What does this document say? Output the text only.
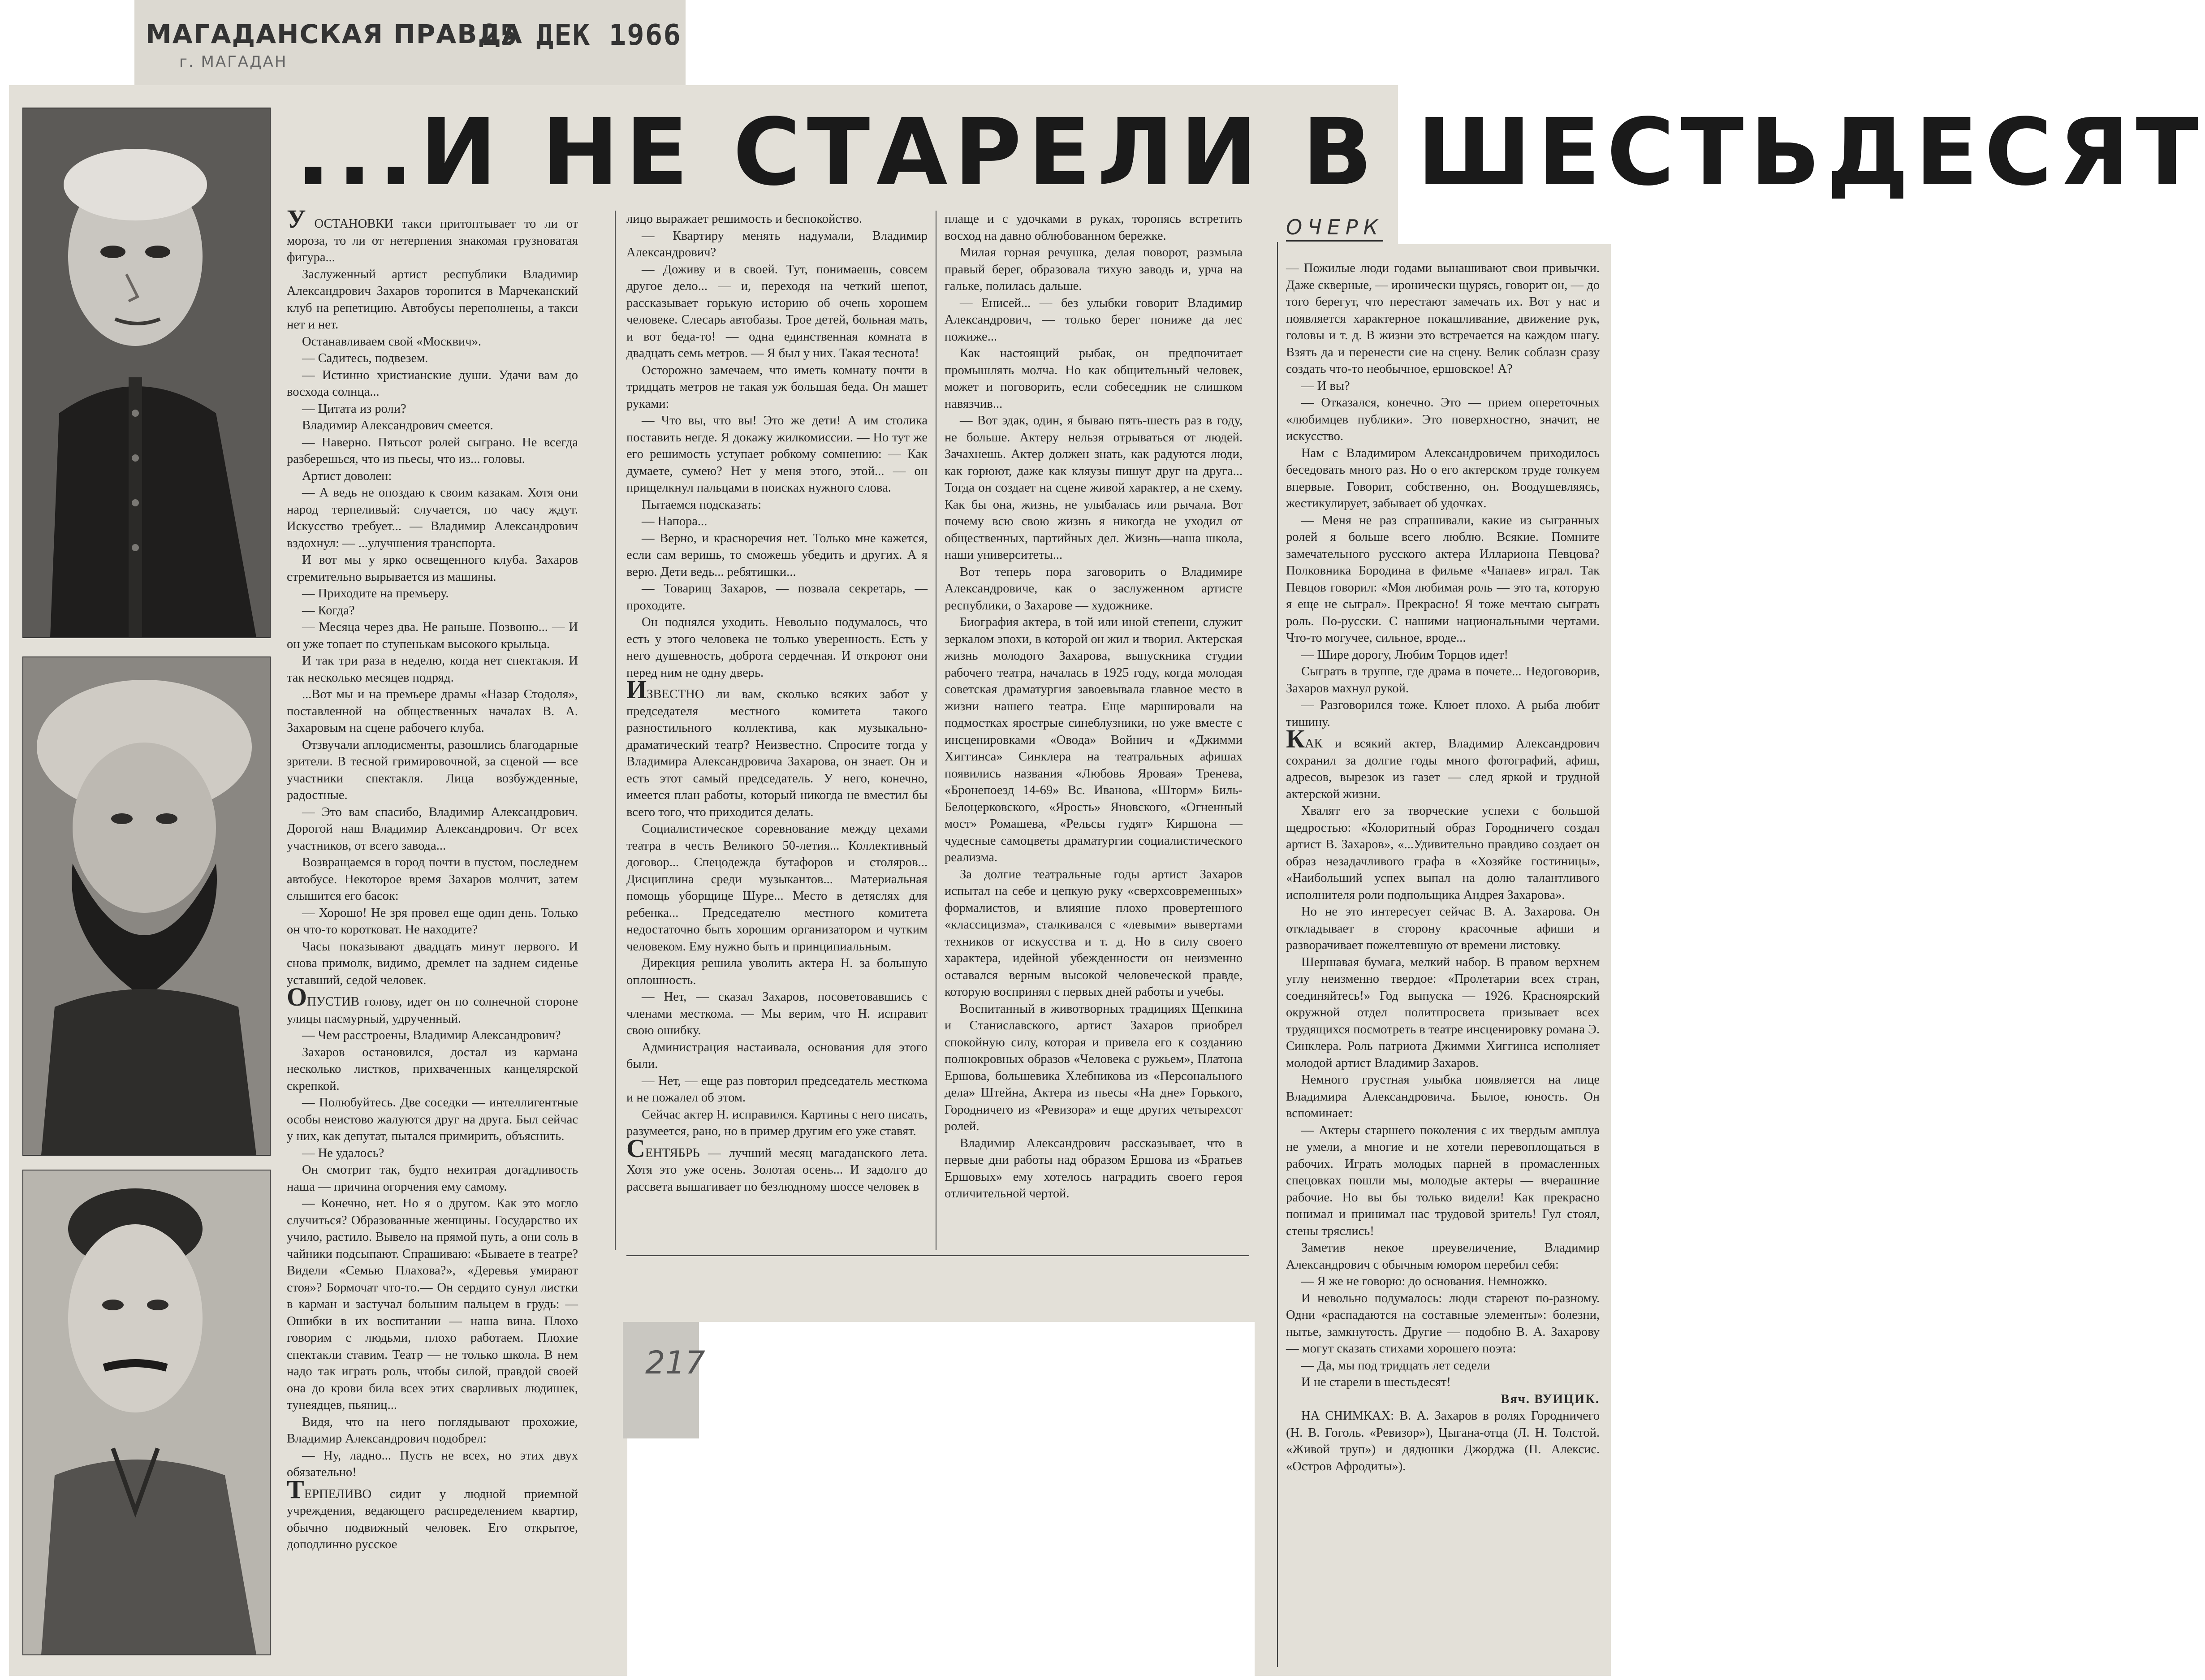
МАГАДАНСКАЯ ПРАВДА
г. МАГАДАН
25 ДЕК 1966
217
...И НЕ СТАРЕЛИ В ШЕСТЬДЕСЯТ
ОЧЕРК

У ОСТАНОВКИ такси притоптывает то ли от мороза, то ли от нетерпения знакомая грузноватая фигура...

Заслуженный артист республики Владимир Александрович Захаров торопится в Марчеканский клуб на репетицию. Автобусы переполнены, а такси нет и нет.

Останавливаем свой «Москвич».

— Садитесь, подвезем.

— Истинно христианские души. Удачи вам до восхода солнца...

— Цитата из роли?

Владимир Александрович смеется.

— Наверно. Пятьсот ролей сыграно. Не всегда разберешься, что из пьесы, что из... головы.

Артист доволен:

— А ведь не опоздаю к своим казакам. Хотя они народ терпеливый: случается, по часу ждут. Искусство требует... — Владимир Александрович вздохнул: — ...улучшения транспорта.

И вот мы у ярко освещенного клуба. Захаров стремительно вырывается из машины.

— Приходите на премьеру.

— Когда?

— Месяца через два. Не раньше. Позвоню... — И он уже топает по ступенькам высокого крыльца.

И так три раза в неделю, когда нет спектакля. И так несколько месяцев подряд.

...Вот мы и на премьере драмы «Назар Стодоля», поставленной на общественных началах В. А. Захаровым на сцене рабочего клуба.

Отзвучали аплодисменты, разошлись благодарные зрители. В тесной гримировочной, за сценой — все участники спектакля. Лица возбужденные, радостные.

— Это вам спасибо, Владимир Александрович. Дорогой наш Владимир Александрович. От всех участников, от всего завода...

Возвращаемся в город почти в пустом, последнем автобусе. Некоторое время Захаров молчит, затем слышится его басок:

— Хорошо! Не зря провел еще один день. Только он что-то коротковат. Не находите?

Часы показывают двадцать минут первого. И снова примолк, видимо, дремлет на заднем сиденье уставший, седой человек.

ОПУСТИВ голову, идет он по солнечной стороне улицы пасмурный, удрученный.

— Чем расстроены, Владимир Александрович?

Захаров остановился, достал из кармана несколько листков, прихваченных канцелярской скрепкой.

— Полюбуйтесь. Две соседки — интеллигентные особы неистово жалуются друг на друга. Был сейчас у них, как депутат, пытался примирить, объяснить.

— Не удалось?

Он смотрит так, будто нехитрая догадливость наша — причина огорчения ему самому.

— Конечно, нет. Но я о другом. Как это могло случиться? Образованные женщины. Государство их учило, растило. Вывело на прямой путь, а они соль в чайники подсыпают. Спрашиваю: «Бываете в театре? Видели «Семью Плахова?», «Деревья умирают стоя»? Бормочат что-то.— Он сердито сунул листки в карман и застучал большим пальцем в грудь: — Ошибки в их воспитании — наша вина. Плохо говорим с людьми, плохо работаем. Плохие спектакли ставим. Театр — не только школа. В нем надо так играть роль, чтобы силой, правдой своей она до крови била всех этих сварливых людишек, тунеядцев, пьяниц...

Видя, что на него поглядывают прохожие, Владимир Александрович подобрел:

— Ну, ладно... Пусть не всех, но этих двух обязательно!

ТЕРПЕЛИВО сидит у людной приемной учреждения, ведающего распределением квартир, обычно подвижный человек. Его открытое, доподлинно русское

лицо выражает решимость и беспокойство.

— Квартиру менять надумали, Владимир Александрович?

— Доживу и в своей. Тут, понимаешь, совсем другое дело... — и, переходя на четкий шепот, рассказывает горькую историю об очень хорошем человеке. Слесарь автобазы. Трое детей, больная мать, и вот беда-то! — одна единственная комната в двадцать семь метров. — Я был у них. Такая теснота!

Осторожно замечаем, что иметь комнату почти в тридцать метров не такая уж большая беда. Он машет руками:

— Что вы, что вы! Это же дети! А им столика поставить негде. Я докажу жилкомиссии. — Но тут же его решимость уступает робкому сомнению: — Как думаете, сумею? Нет у меня этого, этой... — он прищелкнул пальцами в поисках нужного слова.

Пытаемся подсказать:

— Напора...

— Верно, и красноречия нет. Только мне кажется, если сам веришь, то сможешь убедить и других. А я верю. Дети ведь... ребятишки...

— Товарищ Захаров, — позвала секретарь, — проходите.

Он поднялся уходить. Невольно подумалось, что есть у этого человека не только уверенность. Есть у него душевность, доброта сердечная. И откроют они перед ним не одну дверь.

ИЗВЕСТНО ли вам, сколько всяких забот у председателя местного комитета такого разностильного коллектива, как музыкально-драматический театр? Неизвестно. Спросите тогда у Владимира Александровича Захарова, он знает. Он и есть этот самый председатель. У него, конечно, имеется план работы, который никогда не вместил бы всего того, что приходится делать.

Социалистическое соревнование между цехами театра в честь Великого 50-летия... Коллективный договор... Спецодежда бутафоров и столяров... Дисциплина среди музыкантов... Материальная помощь уборщице Шуре... Место в детяслях для ребенка... Председателю местного комитета недостаточно быть хорошим организатором и чутким человеком. Ему нужно быть и принципиальным.

Дирекция решила уволить актера Н. за большую оплошность.

— Нет, — сказал Захаров, посоветовавшись с членами месткома. — Мы верим, что Н. исправит свою ошибку.

Администрация настаивала, основания для этого были.

— Нет, — еще раз повторил председатель месткома и не пожалел об этом.

Сейчас актер Н. исправился. Картины с него писать, разумеется, рано, но в пример другим его уже ставят.

СЕНТЯБРЬ — лучший месяц магаданского лета. Хотя это уже осень. Золотая осень... И задолго до рассвета вышагивает по безлюдному шоссе человек в

плаще и с удочками в руках, торопясь встретить восход на давно облюбованном бережке.

Милая горная речушка, делая поворот, размыла правый берег, образовала тихую заводь и, урча на гальке, полилась дальше.

— Енисей... — без улыбки говорит Владимир Александрович, — только берег пониже да лес пожиже...

Как настоящий рыбак, он предпочитает промышлять молча. Но как общительный человек, может и поговорить, если собеседник не слишком навязчив...

— Вот эдак, один, я бываю пять-шесть раз в году, не больше. Актеру нельзя отрываться от людей. Зачахнешь. Актер должен знать, как радуются люди, как горюют, даже как кляузы пишут друг на друга... Тогда он создает на сцене живой характер, а не схему. Как бы она, жизнь, не улыбалась или рычала. Вот почему всю свою жизнь я никогда не уходил от общественных, партийных дел. Жизнь—наша школа, наши университеты...

Вот теперь пора заговорить о Владимире Александровиче, как о заслуженном артисте республики, о Захарове — художнике.

Биография актера, в той или иной степени, служит зеркалом эпохи, в которой он жил и творил. Актерская жизнь молодого Захарова, выпускника студии рабочего театра, началась в 1925 году, когда молодая советская драматургия завоевывала главное место в жизни нашего театра. Еще маршировали на подмостках ярострые синеблузники, но уже вместе с инсценировками «Овода» Войнич и «Джимми Хиггинса» Синклера на театральных афишах появились названия «Любовь Яровая» Тренева, «Бронепоезд 14-69» Вс. Иванова, «Шторм» Биль-Белоцерковского, «Ярость» Яновского, «Огненный мост» Ромашева, «Рельсы гудят» Киршона — чудесные самоцветы драматургии социалистического реализма.

За долгие театральные годы артист Захаров испытал на себе и цепкую руку «сверхсовременных» формалистов, и влияние плохо провертенного «классицизма», сталкивался с «левыми» вывертами техников от искусства и т. д. Но в силу своего характера, идейной убежденности он неизменно оставался верным высокой человеческой правде, которую воспринял с первых дней работы и учебы.

Воспитанный в животворных традициях Щепкина и Станиславского, артист Захаров приобрел спокойную силу, которая и привела его к созданию полнокровных образов «Человека с ружьем», Платона Ершова, большевика Хлебникова из «Персонального дела» Штейна, Актера из пьесы «На дне» Горького, Городничего из «Ревизора» и еще других четырехсот ролей.

Владимир Александрович рассказывает, что в первые дни работы над образом Ершова из «Братьев Ершовых» ему хотелось наградить своего героя отличительной чертой.

— Пожилые люди годами вынашивают свои привычки. Даже скверные, — иронически щурясь, говорит он, — до того берегут, что перестают замечать их. Вот у нас и появляется характерное покашливание, движение рук, головы и т. д. В жизни это встречается на каждом шагу. Взять да и перенести сие на сцену. Велик соблазн сразу создать что-то необычное, ершовское! А?

— И вы?

— Отказался, конечно. Это — прием опереточных «любимцев публики». Это поверхностно, значит, не искусство.

Нам с Владимиром Александровичем приходилось беседовать много раз. Но о его актерском труде толкуем впервые. Говорит, собственно, он. Воодушевляясь, жестикулирует, забывает об удочках.

— Меня не раз спрашивали, какие из сыгранных ролей я больше всего люблю. Всякие. Помните замечательного русского актера Иллариона Певцова? Полковника Бородина в фильме «Чапаев» играл. Так Певцов говорил: «Моя любимая роль — это та, которую я еще не сыграл». Прекрасно! Я тоже мечтаю сыграть роль. По-русски. С нашими национальными чертами. Что-то могучее, сильное, вроде...

— Шире дорогу, Любим Торцов идет!

Сыграть в труппе, где драма в почете... Недоговорив, Захаров махнул рукой.

— Разговорился тоже. Клюет плохо. А рыба любит тишину.

КАК и всякий актер, Владимир Александрович сохранил за долгие годы много фотографий, афиш, адресов, вырезок из газет — след яркой и трудной актерской жизни.

Хвалят его за творческие успехи с большой щедростью: «Колоритный образ Городничего создал артист В. Захаров», «...Удивительно правдиво создает он образ незадачливого графа в «Хозяйке гостиницы», «Наибольший успех выпал на долю талантливого исполнителя роли подпольщика Андрея Захарова».

Но не это интересует сейчас В. А. Захарова. Он откладывает в сторону красочные афиши и разворачивает пожелтевшую от времени листовку.

Шершавая бумага, мелкий набор. В правом верхнем углу неизменно твердое: «Пролетарии всех стран, соединяйтесь!» Год выпуска — 1926. Красноярский окружной отдел политпросвета призывает всех трудящихся посмотреть в театре инсценировку романа Э. Синклера. Роль патриота Джимми Хиггинса исполняет молодой артист Владимир Захаров.

Немного грустная улыбка появляется на лице Владимира Александровича. Былое, юность. Он вспоминает:

— Актеры старшего поколения с их твердым амплуа не умели, а многие и не хотели перевоплощаться в рабочих. Играть молодых парней в промасленных спецовках пошли мы, молодые актеры — вчерашние рабочие. Но вы бы только видели! Как прекрасно понимал и принимал нас трудовой зритель! Гул стоял, стены тряслись!

Заметив некое преувеличение, Владимир Александрович с обычным юмором перебил себя:

— Я же не говорю: до основания. Немножко.

И невольно подумалось: люди стареют по-разному. Одни «распадаются на составные элементы»: болезни, нытье, замкнутость. Другие — подобно В. А. Захарову — могут сказать стихами хорошего поэта:

— Да, мы под тридцать лет седели

И не старели в шестьдесят!

Вяч. ВУИЦИК.

НА СНИМКАХ: В. А. Захаров в ролях Городничего (Н. В. Гоголь. «Ревизор»), Цыгана-отца (Л. Н. Толстой. «Живой труп») и дядюшки Джорджа (П. Алексис. «Остров Афродиты»).
